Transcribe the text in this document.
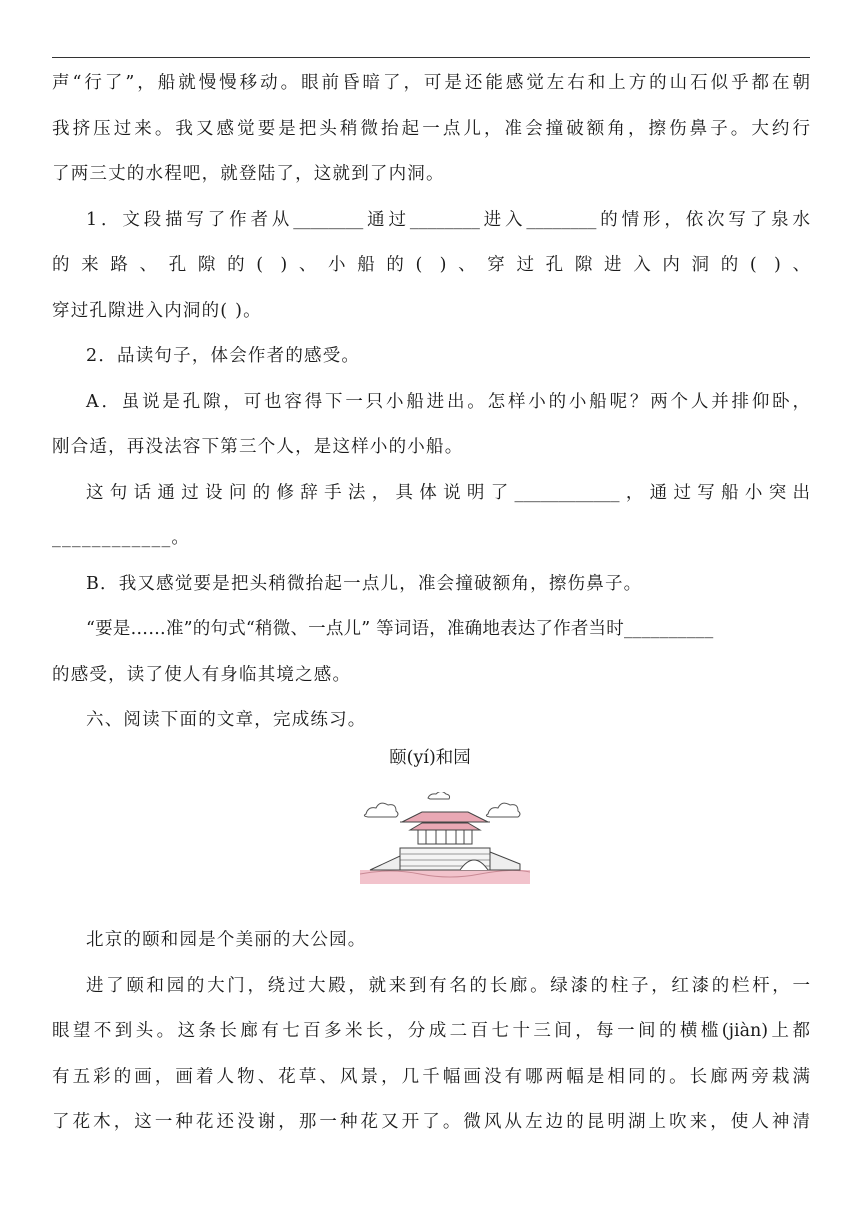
声“行了”，船就慢慢移动。眼前昏暗了，可是还能感觉左右和上方的山石似乎都在朝
我挤压过来。我又感觉要是把头稍微抬起一点儿，准会撞破额角，擦伤鼻子。大约行
了两三丈的水程吧，就登陆了，这就到了内洞。
1．文段描写了作者从________通过________进入________的情形，依次写了泉水
的来路、孔隙的( )、小船的( )、穿过孔隙进入内洞的( )、
穿过孔隙进入内洞的( )。
2．品读句子，体会作者的感受。
A．虽说是孔隙，可也容得下一只小船进出。怎样小的小船呢？两个人并排仰卧，
刚合适，再没法容下第三个人，是这样小的小船。
这句话通过设问的修辞手法，具体说明了____________，通过写船小突出
____________。
B．我又感觉要是把头稍微抬起一点儿，准会撞破额角，擦伤鼻子。
“要是……准”的句式“稍微、一点儿” 等词语，准确地表达了作者当时__________
的感受，读了使人有身临其境之感。
六、阅读下面的文章，完成练习。
颐(yí)和园
北京的颐和园是个美丽的大公园。
进了颐和园的大门，绕过大殿，就来到有名的长廊。绿漆的柱子，红漆的栏杆，一
眼望不到头。这条长廊有七百多米长，分成二百七十三间，每一间的横槛(jiàn)上都
有五彩的画，画着人物、花草、风景，几千幅画没有哪两幅是相同的。长廊两旁栽满
了花木，这一种花还没谢，那一种花又开了。微风从左边的昆明湖上吹来，使人神清
